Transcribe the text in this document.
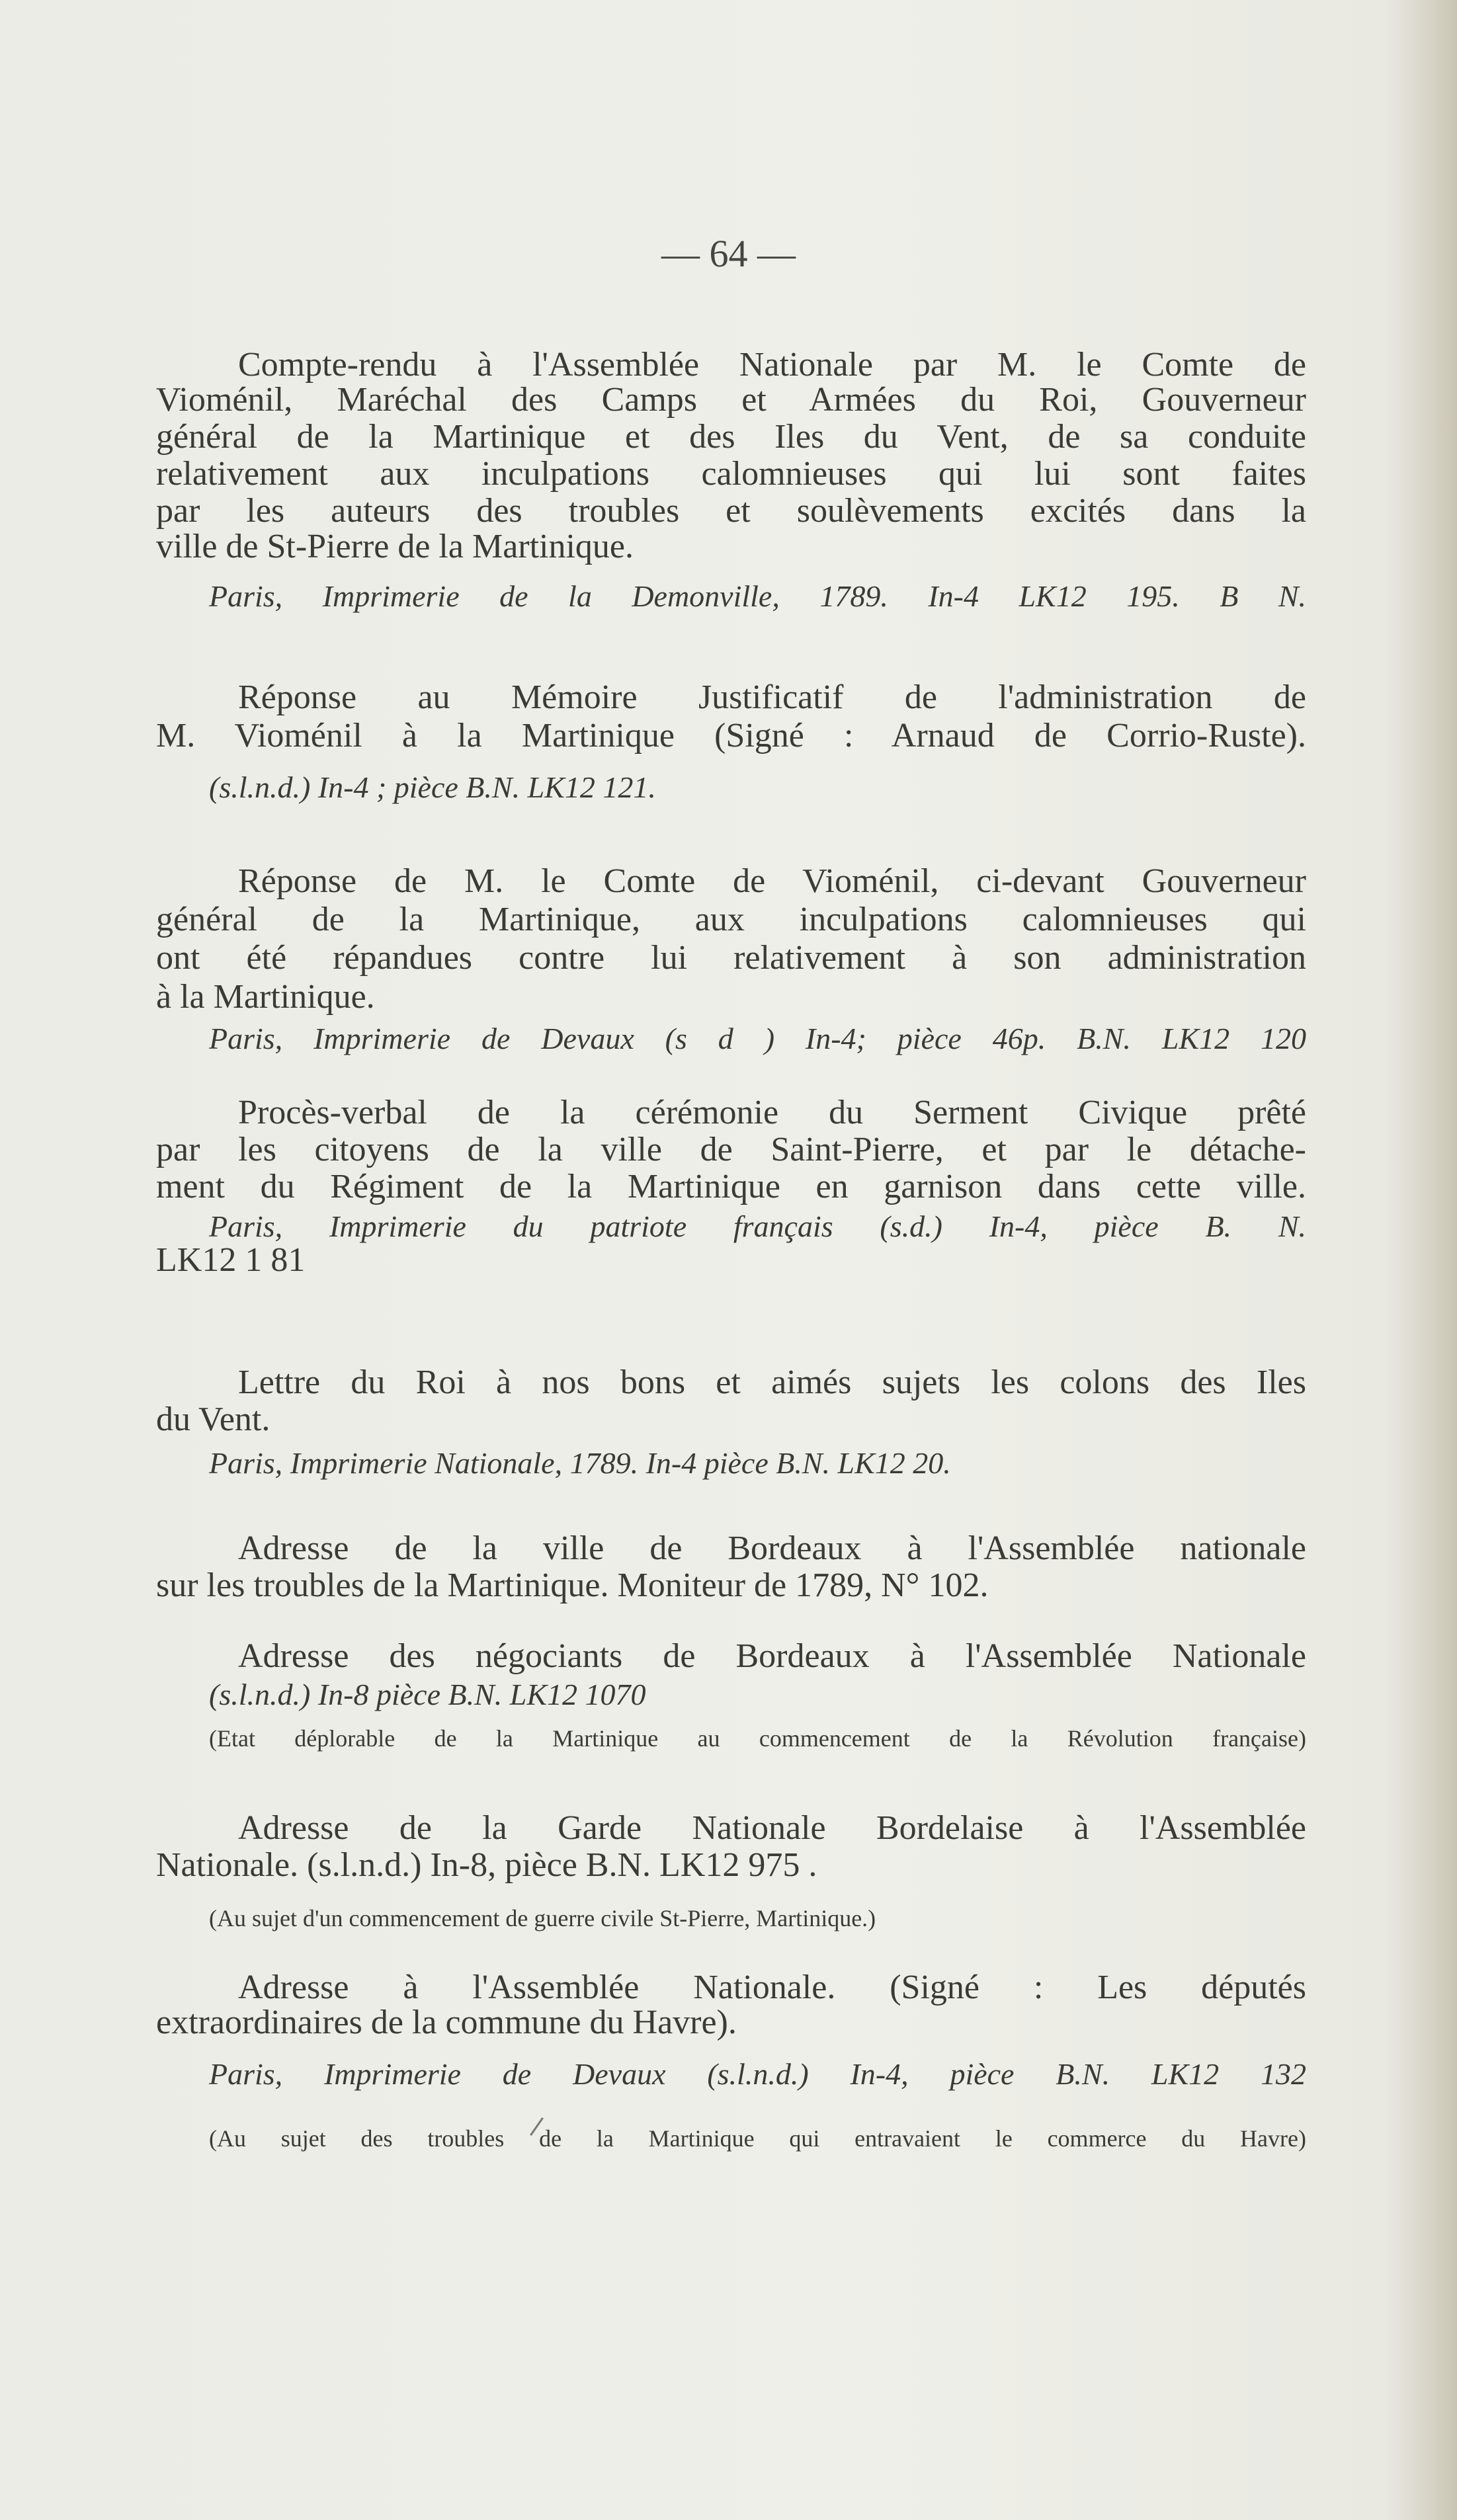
— 64 —
Compte-rendu à l'Assemblée Nationale par M. le Comte de
Vioménil, Maréchal des Camps et Armées du Roi, Gouverneur
général de la Martinique et des Iles du Vent, de sa conduite
relativement aux inculpations calomnieuses qui lui sont faites
par les auteurs des troubles et soulèvements excités dans la
ville de St-Pierre de la Martinique.
Paris, Imprimerie de la Demonville, 1789. In-4 LK12 195. B N.
Réponse au Mémoire Justificatif de l'administration de
M. Vioménil à la Martinique (Signé : Arnaud de Corrio-Ruste).
(s.l.n.d.) In-4 ; pièce B.N. LK12 121.
Réponse de M. le Comte de Vioménil, ci-devant Gouverneur
général de la Martinique, aux inculpations calomnieuses qui
ont été répandues contre lui relativement à son administration
à la Martinique.
Paris, Imprimerie de Devaux (s d ) In-4; pièce 46p. B.N. LK12 120
Procès-verbal de la cérémonie du Serment Civique prêté
par les citoyens de la ville de Saint-Pierre, et par le détache-
ment du Régiment de la Martinique en garnison dans cette ville.
Paris, Imprimerie du patriote français (s.d.) In-4, pièce B. N.
LK12 1 81
Lettre du Roi à nos bons et aimés sujets les colons des Iles
du Vent.
Paris, Imprimerie Nationale, 1789. In-4 pièce B.N. LK12 20.
Adresse de la ville de Bordeaux à l'Assemblée nationale
sur les troubles de la Martinique. Moniteur de 1789, N° 102.
Adresse des négociants de Bordeaux à l'Assemblée Nationale
(s.l.n.d.) In-8 pièce B.N. LK12 1070
(Etat déplorable de la Martinique au commencement de la Révolution française)
Adresse de la Garde Nationale Bordelaise à l'Assemblée
Nationale. (s.l.n.d.) In-8, pièce B.N. LK12 975 .
(Au sujet d'un commencement de guerre civile St-Pierre, Martinique.)
Adresse à l'Assemblée Nationale. (Signé : Les députés
extraordinaires de la commune du Havre).
Paris, Imprimerie de Devaux (s.l.n.d.) In-4, pièce B.N. LK12 132
(Au sujet des troubles de la Martinique qui entravaient le commerce du Havre)
